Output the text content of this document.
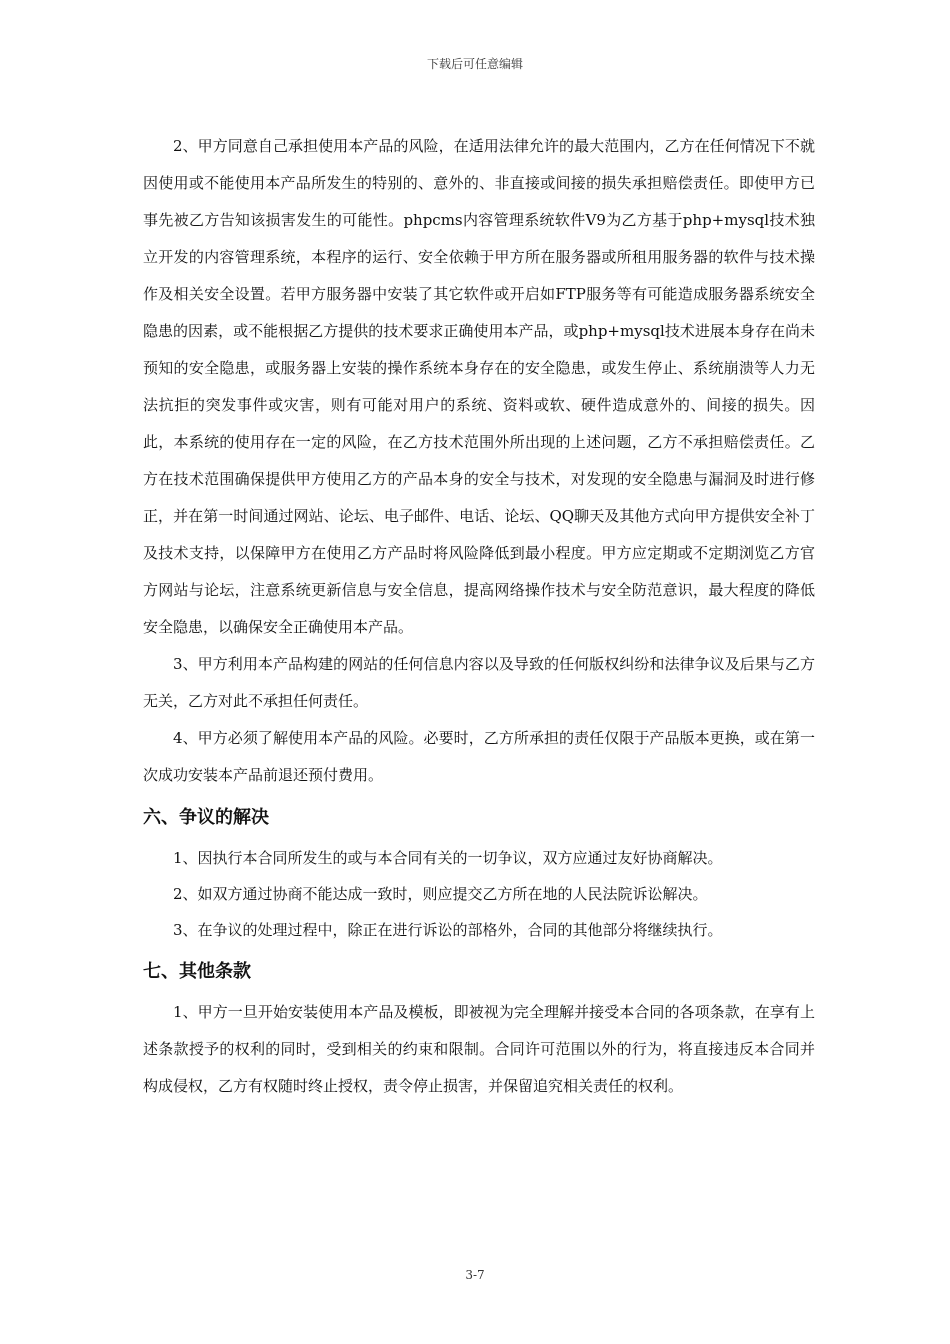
下载后可任意编辑

2、甲方同意自己承担使用本产品的风险，在适用法律允许的最大范围内，乙方在任何情况下不就因使用或不能使用本产品所发生的特别的、意外的、非直接或间接的损失承担赔偿责任。即使甲方已事先被乙方告知该损害发生的可能性。phpcms内容管理系统软件V9为乙方基于php+mysql技术独立开发的内容管理系统，本程序的运行、安全依赖于甲方所在服务器或所租用服务器的软件与技术操作及相关安全设置。若甲方服务器中安装了其它软件或开启如FTP服务等有可能造成服务器系统安全隐患的因素，或不能根据乙方提供的技术要求正确使用本产品，或php+mysql技术进展本身存在尚未预知的安全隐患，或服务器上安装的操作系统本身存在的安全隐患，或发生停止、系统崩溃等人力无法抗拒的突发事件或灾害，则有可能对用户的系统、资料或软、硬件造成意外的、间接的损失。因此，本系统的使用存在一定的风险，在乙方技术范围外所出现的上述问题，乙方不承担赔偿责任。乙方在技术范围确保提供甲方使用乙方的产品本身的安全与技术，对发现的安全隐患与漏洞及时进行修正，并在第一时间通过网站、论坛、电子邮件、电话、论坛、QQ聊天及其他方式向甲方提供安全补丁及技术支持，以保障甲方在使用乙方产品时将风险降低到最小程度。甲方应定期或不定期浏览乙方官方网站与论坛，注意系统更新信息与安全信息，提高网络操作技术与安全防范意识，最大程度的降低安全隐患，以确保安全正确使用本产品。

3、甲方利用本产品构建的网站的任何信息内容以及导致的任何版权纠纷和法律争议及后果与乙方无关，乙方对此不承担任何责任。

4、甲方必须了解使用本产品的风险。必要时，乙方所承担的责任仅限于产品版本更换，或在第一次成功安装本产品前退还预付费用。

六、争议的解决

1、因执行本合同所发生的或与本合同有关的一切争议，双方应通过友好协商解决。

2、如双方通过协商不能达成一致时，则应提交乙方所在地的人民法院诉讼解决。

3、在争议的处理过程中，除正在进行诉讼的部格外，合同的其他部分将继续执行。

七、其他条款

1、甲方一旦开始安装使用本产品及模板，即被视为完全理解并接受本合同的各项条款，在享有上述条款授予的权利的同时，受到相关的约束和限制。合同许可范围以外的行为，将直接违反本合同并构成侵权，乙方有权随时终止授权，责令停止损害，并保留追究相关责任的权利。

3-7
